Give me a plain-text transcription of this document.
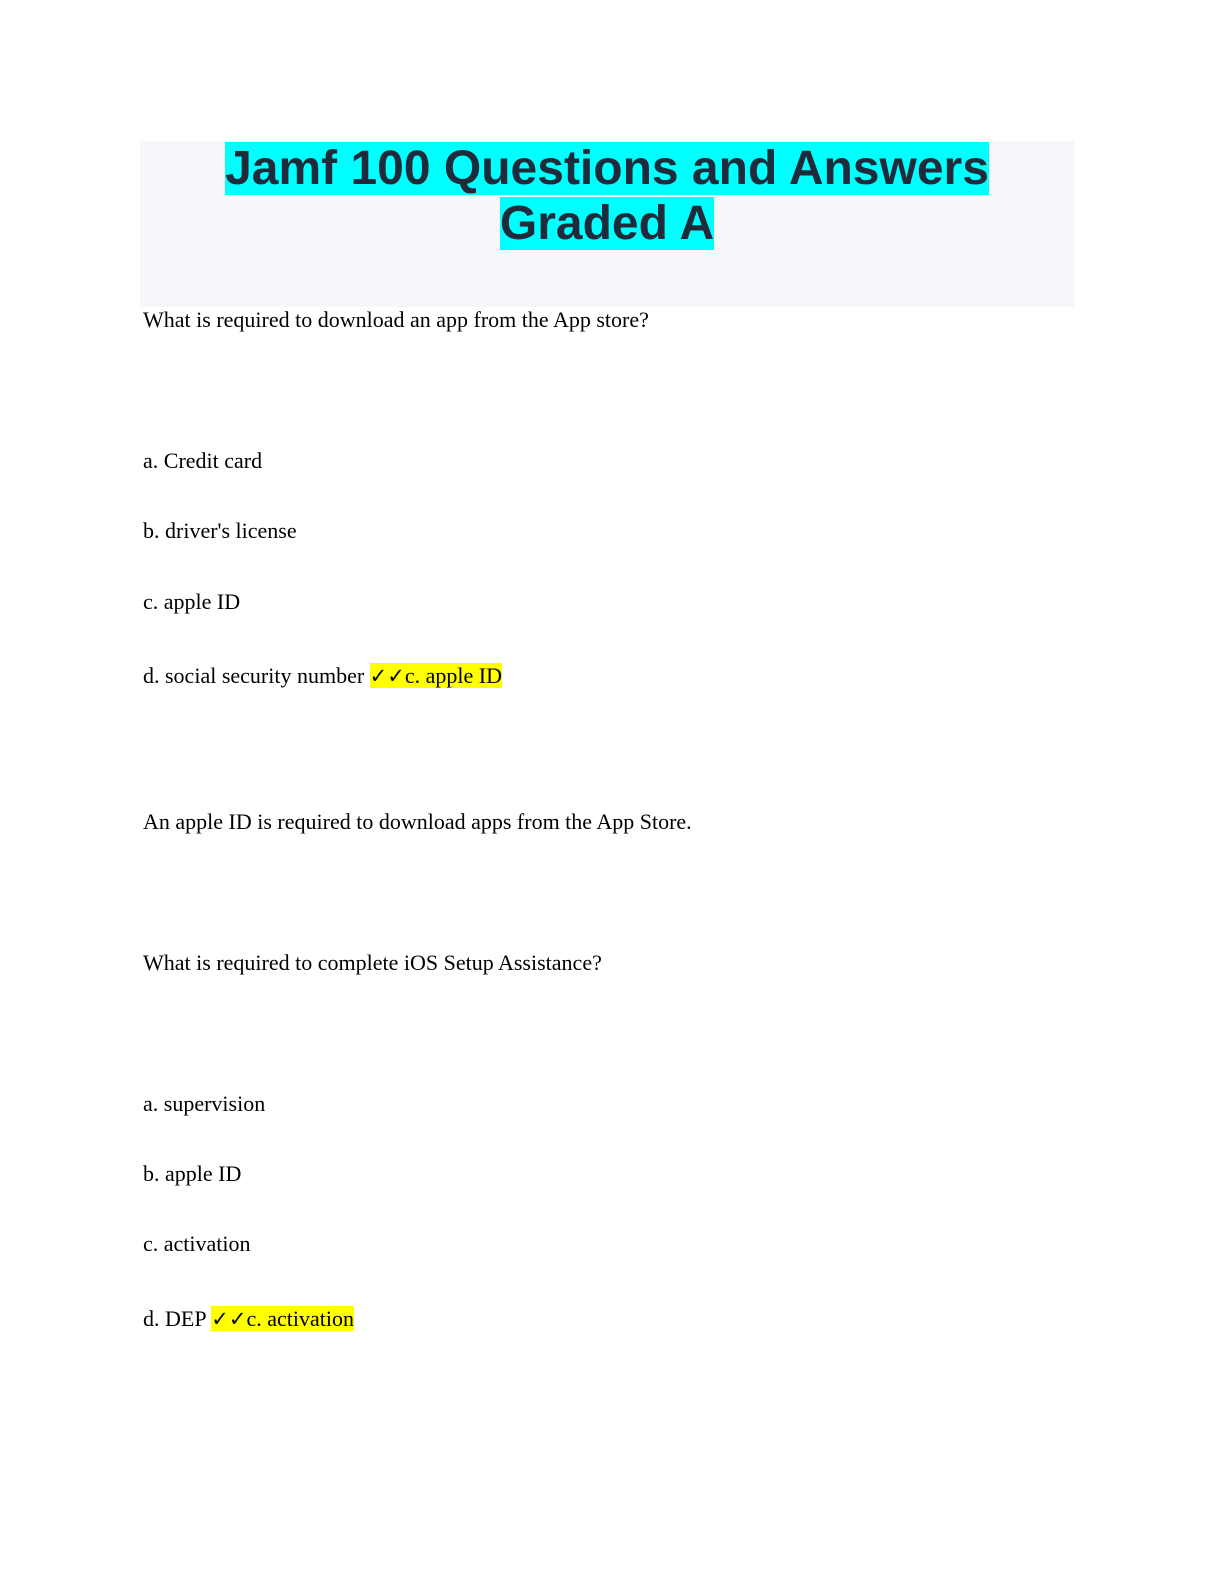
Jamf 100 Questions and Answers
Graded A

What is required to download an app from the App store?

a. Credit card

b. driver's license

c. apple ID

d. social security number ✓✓c. apple ID

An apple ID is required to download apps from the App Store.

What is required to complete iOS Setup Assistance?

a. supervision

b. apple ID

c. activation

d. DEP ✓✓c. activation
